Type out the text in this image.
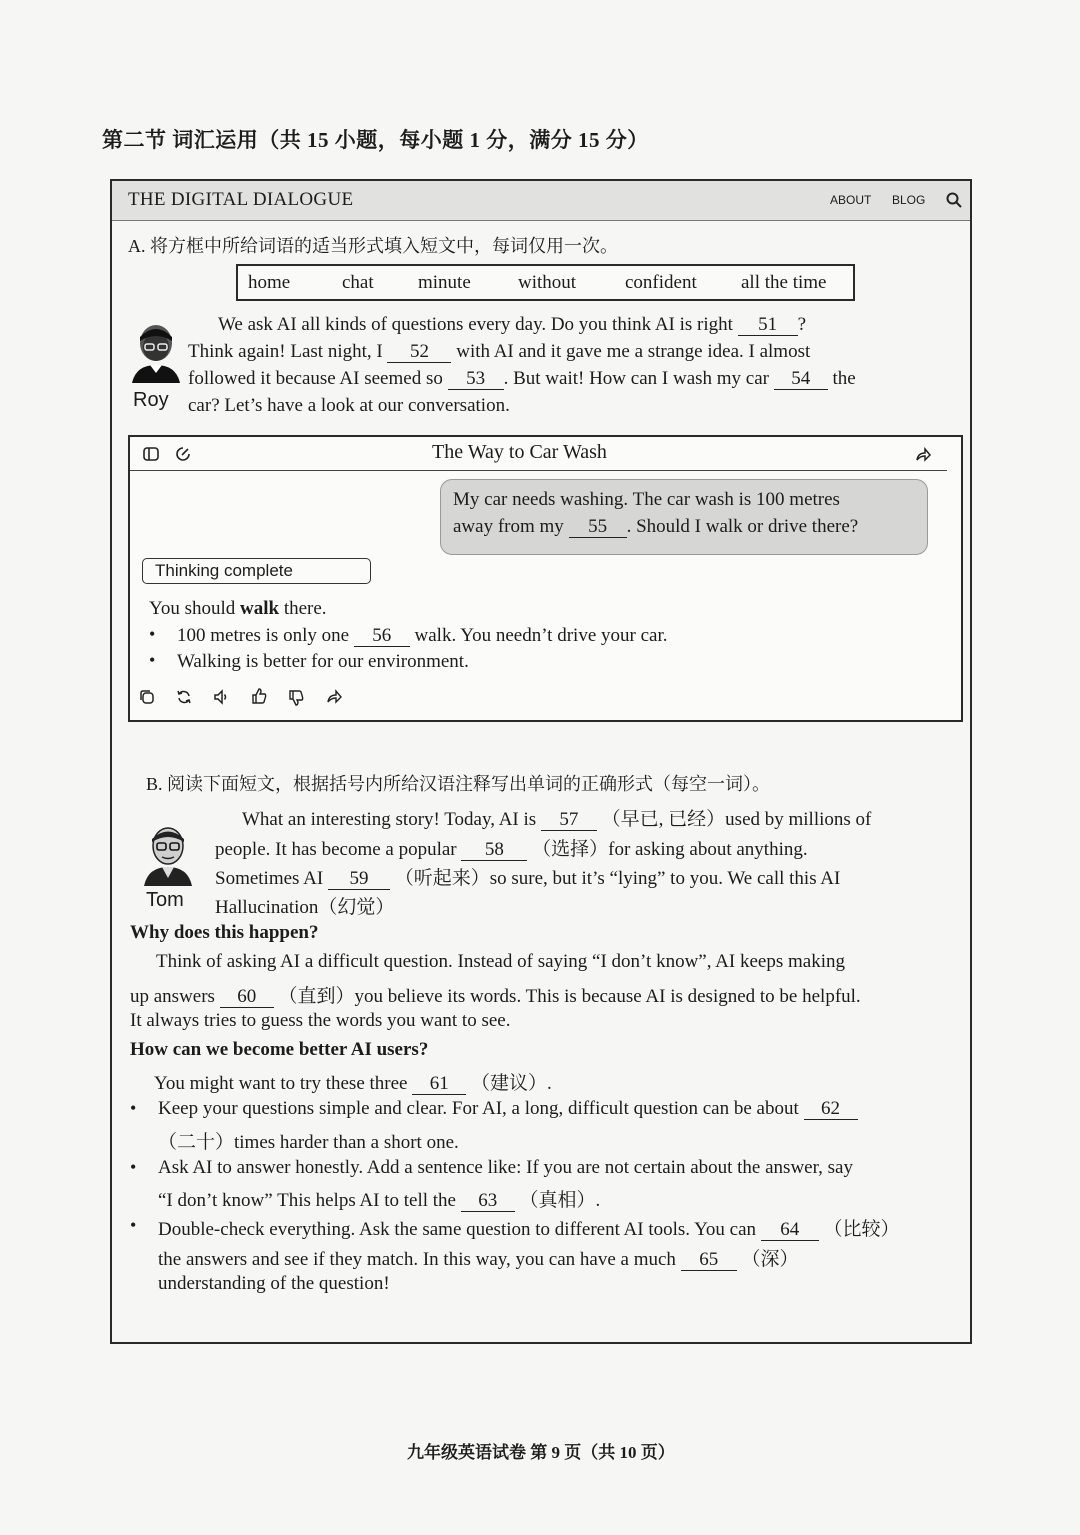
第二节 词汇运用（共 15 小题，每小题 1 分，满分 15 分）
THE DIGITAL DIALOGUE	ABOUT BLOG
A. 将方框中所给词语的适当形式填入短文中，每词仅用一次。
home	chat minute without	confident all the time
Roy
We ask AI all kinds of questions every day. Do you think AI is right 51 ?
Think again! Last night, I 52 with AI and it gave me a strange idea. I almost
followed it because AI seemed so 53 . But wait! How can I wash my car 54 the
car? Let’s have a look at our conversation.
The Way to Car Wash
My car needs washing. The car wash is 100 metres
away from my 55 . Should I walk or drive there?
Thinking complete
You should walk there.
• 100 metres is only one 56 walk. You needn’t drive your car.
• Walking is better for our environment.
B. 阅读下面短文，根据括号内所给汉语注释写出单词的正确形式（每空一词）。
Tom
What an interesting story! Today, AI is 57 （早已, 已经）used by millions of
people. It has become a popular 58 （选择）for asking about anything.
Sometimes AI 59 （听起来）so sure, but it’s “lying” to you. We call this AI
Hallucination（幻觉）
Why does this happen?
Think of asking AI a difficult question. Instead of saying “I don’t know”, AI keeps making
up answers 60 （直到）you believe its words. This is because AI is designed to be helpful.
It always tries to guess the words you want to see.
How can we become better AI users?
You might want to try these three 61 （建议）.
• Keep your questions simple and clear. For AI, a long, difficult question can be about 62
（二十）times harder than a short one.
• Ask AI to answer honestly. Add a sentence like: If you are not certain about the answer, say
“I don’t know” This helps AI to tell the 63 （真相）.
• Double-check everything. Ask the same question to different AI tools. You can 64 （比较）
the answers and see if they match. In this way, you can have a much 65 （深）
understanding of the question!
九年级英语试卷 第 9 页（共 10 页）
